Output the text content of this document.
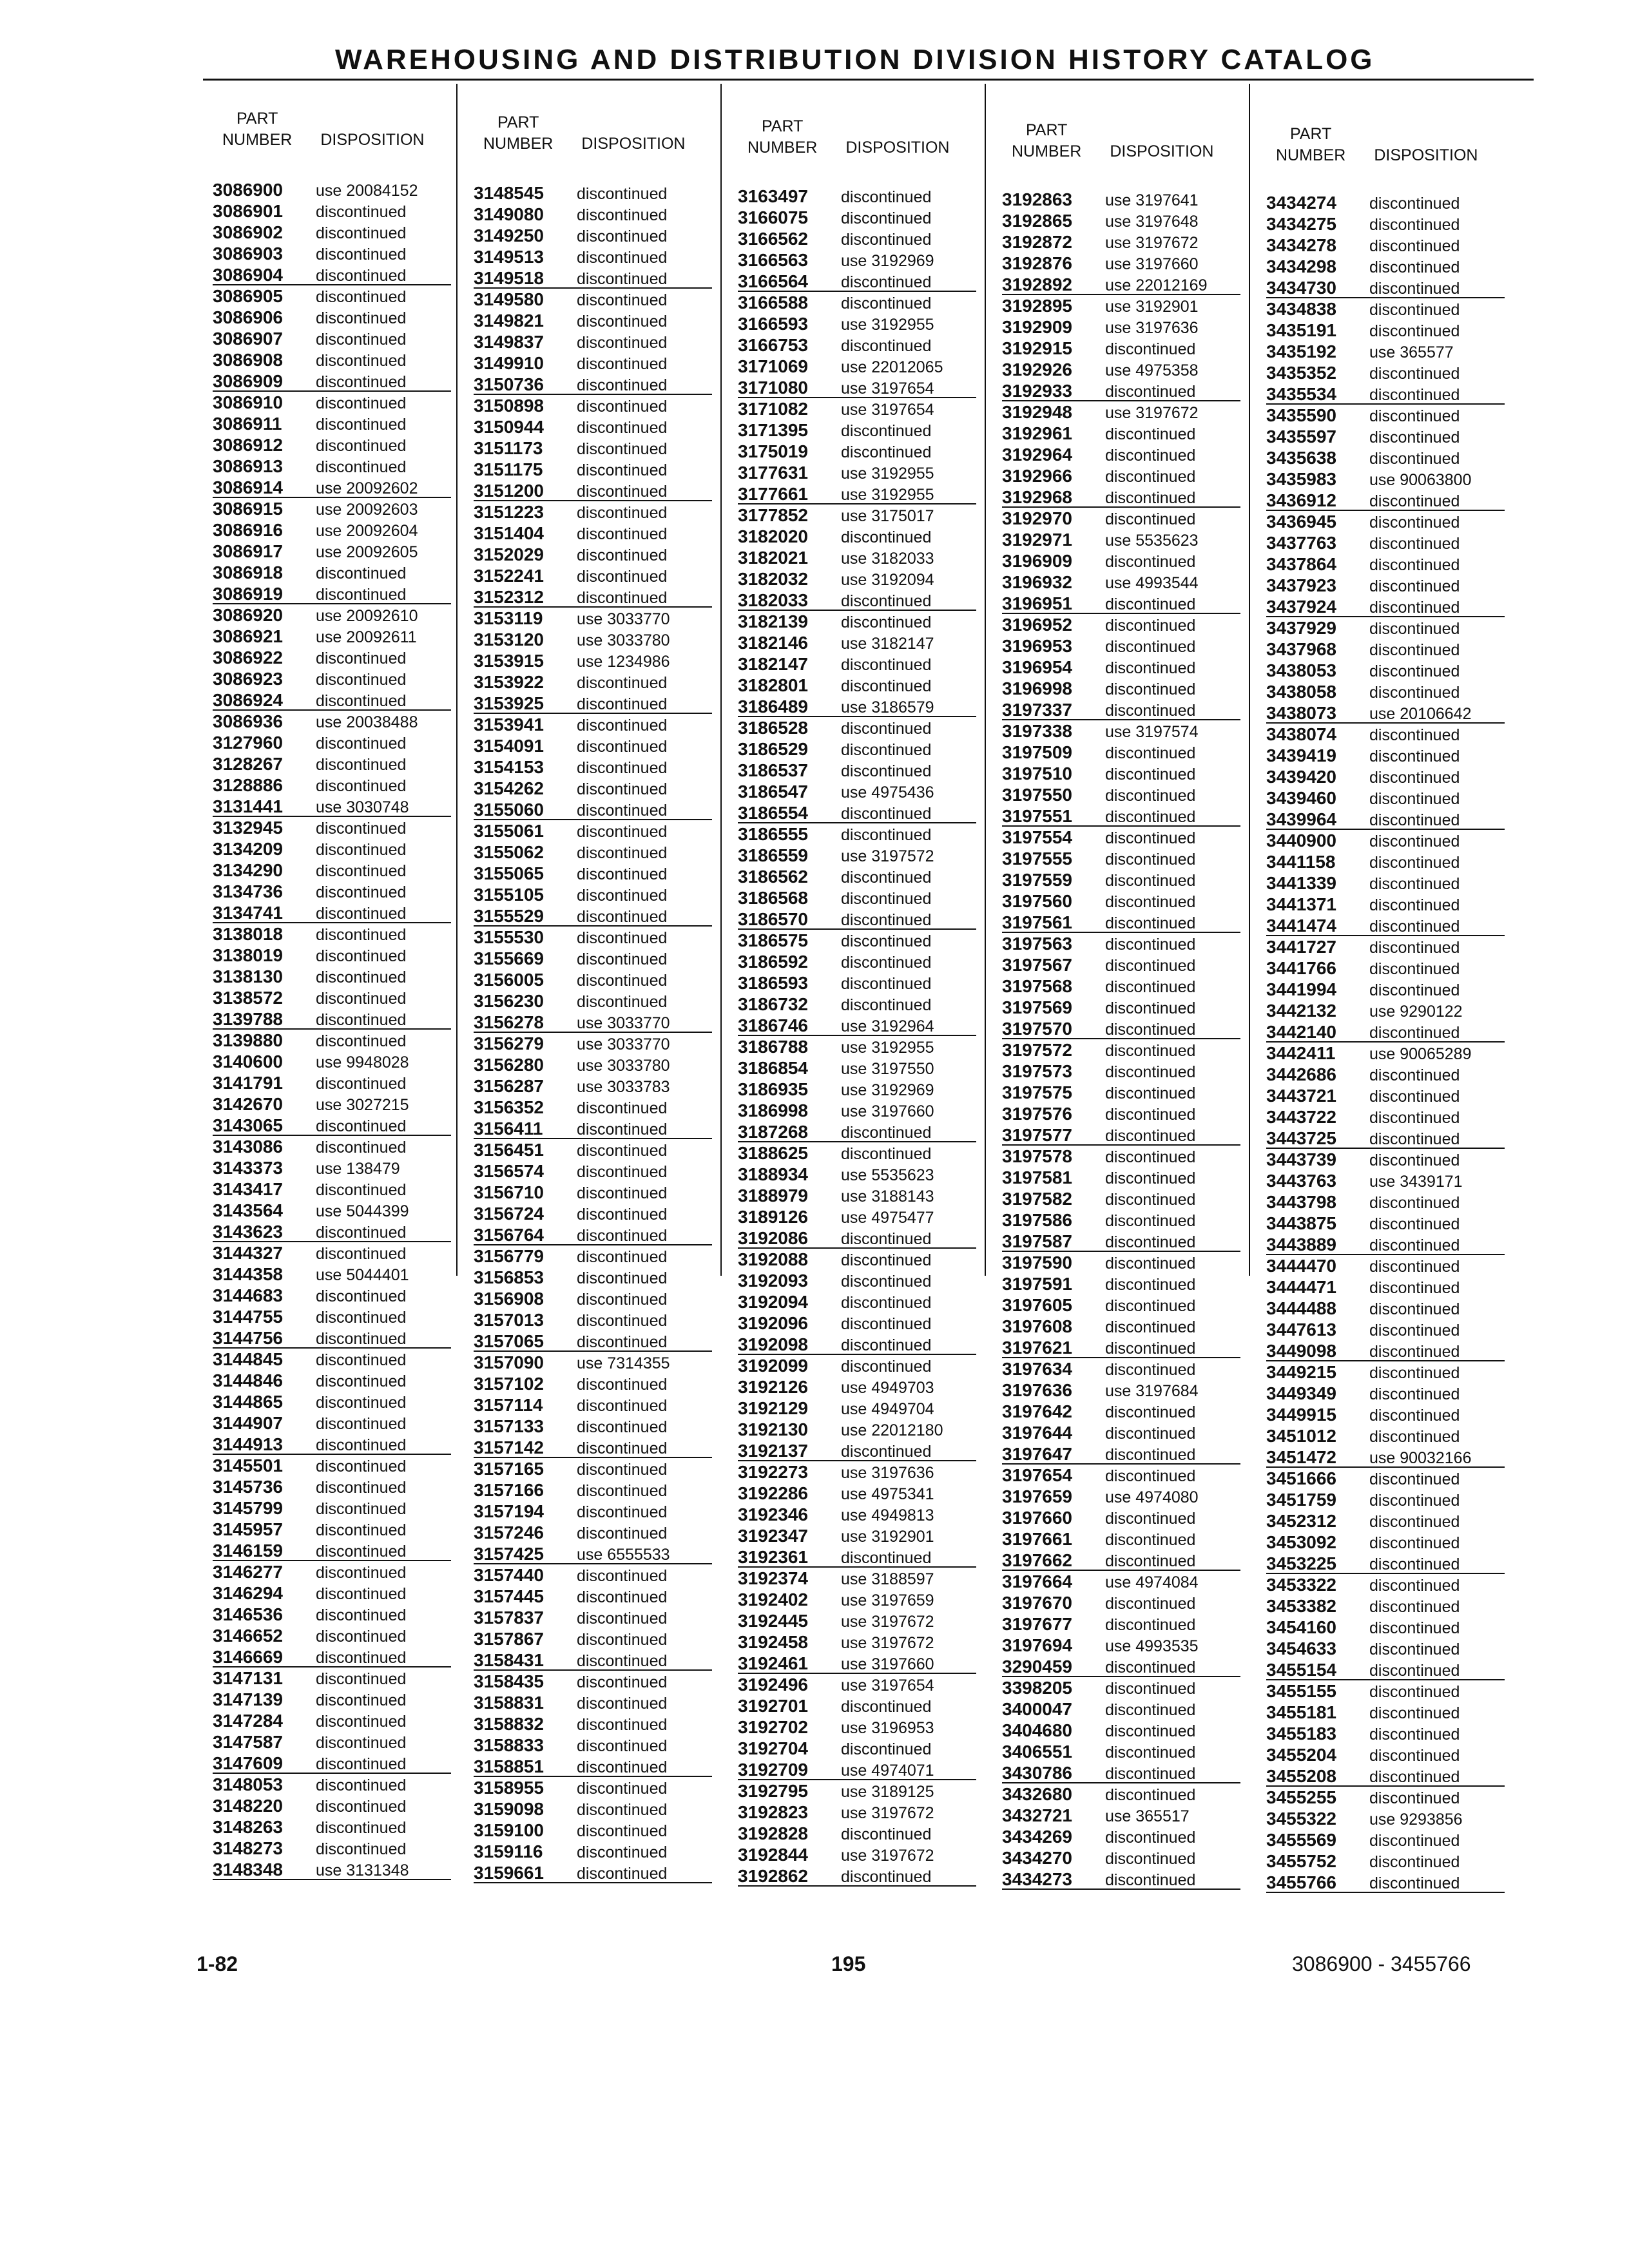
WAREHOUSING AND DISTRIBUTION DIVISION HISTORY CATALOG
PART
NUMBER DISPOSITION
3086900 use 20084152
3086901 discontinued
3086902 discontinued
3086903 discontinued
3086904 discontinued
3086905 discontinued
3086906 discontinued
3086907 discontinued
3086908 discontinued
3086909 discontinued
3086910 discontinued
3086911 discontinued
3086912 discontinued
3086913 discontinued
3086914 use 20092602
3086915 use 20092603
3086916 use 20092604
3086917 use 20092605
3086918 discontinued
3086919 discontinued
3086920 use 20092610
3086921 use 20092611
3086922 discontinued
3086923 discontinued
3086924 discontinued
3086936 use 20038488
3127960 discontinued
3128267 discontinued
3128886 discontinued
3131441 use 3030748
3132945 discontinued
3134209 discontinued
3134290 discontinued
3134736 discontinued
3134741 discontinued
3138018 discontinued
3138019 discontinued
3138130 discontinued
3138572 discontinued
3139788 discontinued
3139880 discontinued
3140600 use 9948028
3141791 discontinued
3142670 use 3027215
3143065 discontinued
3143086 discontinued
3143373 use 138479
3143417 discontinued
3143564 use 5044399
3143623 discontinued
3144327 discontinued
3144358 use 5044401
3144683 discontinued
3144755 discontinued
3144756 discontinued
3144845 discontinued
3144846 discontinued
3144865 discontinued
3144907 discontinued
3144913 discontinued
3145501 discontinued
3145736 discontinued
3145799 discontinued
3145957 discontinued
3146159 discontinued
3146277 discontinued
3146294 discontinued
3146536 discontinued
3146652 discontinued
3146669 discontinued
3147131 discontinued
3147139 discontinued
3147284 discontinued
3147587 discontinued
3147609 discontinued
3148053 discontinued
3148220 discontinued
3148263 discontinued
3148273 discontinued
3148348 use 3131348
PART
NUMBER DISPOSITION
3148545 discontinued
3149080 discontinued
3149250 discontinued
3149513 discontinued
3149518 discontinued
3149580 discontinued
3149821 discontinued
3149837 discontinued
3149910 discontinued
3150736 discontinued
3150898 discontinued
3150944 discontinued
3151173 discontinued
3151175 discontinued
3151200 discontinued
3151223 discontinued
3151404 discontinued
3152029 discontinued
3152241 discontinued
3152312 discontinued
3153119 use 3033770
3153120 use 3033780
3153915 use 1234986
3153922 discontinued
3153925 discontinued
3153941 discontinued
3154091 discontinued
3154153 discontinued
3154262 discontinued
3155060 discontinued
3155061 discontinued
3155062 discontinued
3155065 discontinued
3155105 discontinued
3155529 discontinued
3155530 discontinued
3155669 discontinued
3156005 discontinued
3156230 discontinued
3156278 use 3033770
3156279 use 3033770
3156280 use 3033780
3156287 use 3033783
3156352 discontinued
3156411 discontinued
3156451 discontinued
3156574 discontinued
3156710 discontinued
3156724 discontinued
3156764 discontinued
3156779 discontinued
3156853 discontinued
3156908 discontinued
3157013 discontinued
3157065 discontinued
3157090 use 7314355
3157102 discontinued
3157114 discontinued
3157133 discontinued
3157142 discontinued
3157165 discontinued
3157166 discontinued
3157194 discontinued
3157246 discontinued
3157425 use 6555533
3157440 discontinued
3157445 discontinued
3157837 discontinued
3157867 discontinued
3158431 discontinued
3158435 discontinued
3158831 discontinued
3158832 discontinued
3158833 discontinued
3158851 discontinued
3158955 discontinued
3159098 discontinued
3159100 discontinued
3159116 discontinued
3159661 discontinued
PART
NUMBER DISPOSITION
3163497 discontinued
3166075 discontinued
3166562 discontinued
3166563 use 3192969
3166564 discontinued
3166588 discontinued
3166593 use 3192955
3166753 discontinued
3171069 use 22012065
3171080 use 3197654
3171082 use 3197654
3171395 discontinued
3175019 discontinued
3177631 use 3192955
3177661 use 3192955
3177852 use 3175017
3182020 discontinued
3182021 use 3182033
3182032 use 3192094
3182033 discontinued
3182139 discontinued
3182146 use 3182147
3182147 discontinued
3182801 discontinued
3186489 use 3186579
3186528 discontinued
3186529 discontinued
3186537 discontinued
3186547 use 4975436
3186554 discontinued
3186555 discontinued
3186559 use 3197572
3186562 discontinued
3186568 discontinued
3186570 discontinued
3186575 discontinued
3186592 discontinued
3186593 discontinued
3186732 discontinued
3186746 use 3192964
3186788 use 3192955
3186854 use 3197550
3186935 use 3192969
3186998 use 3197660
3187268 discontinued
3188625 discontinued
3188934 use 5535623
3188979 use 3188143
3189126 use 4975477
3192086 discontinued
3192088 discontinued
3192093 discontinued
3192094 discontinued
3192096 discontinued
3192098 discontinued
3192099 discontinued
3192126 use 4949703
3192129 use 4949704
3192130 use 22012180
3192137 discontinued
3192273 use 3197636
3192286 use 4975341
3192346 use 4949813
3192347 use 3192901
3192361 discontinued
3192374 use 3188597
3192402 use 3197659
3192445 use 3197672
3192458 use 3197672
3192461 use 3197660
3192496 use 3197654
3192701 discontinued
3192702 use 3196953
3192704 discontinued
3192709 use 4974071
3192795 use 3189125
3192823 use 3197672
3192828 discontinued
3192844 use 3197672
3192862 discontinued
PART
NUMBER DISPOSITION
3192863 use 3197641
3192865 use 3197648
3192872 use 3197672
3192876 use 3197660
3192892 use 22012169
3192895 use 3192901
3192909 use 3197636
3192915 discontinued
3192926 use 4975358
3192933 discontinued
3192948 use 3197672
3192961 discontinued
3192964 discontinued
3192966 discontinued
3192968 discontinued
3192970 discontinued
3192971 use 5535623
3196909 discontinued
3196932 use 4993544
3196951 discontinued
3196952 discontinued
3196953 discontinued
3196954 discontinued
3196998 discontinued
3197337 discontinued
3197338 use 3197574
3197509 discontinued
3197510 discontinued
3197550 discontinued
3197551 discontinued
3197554 discontinued
3197555 discontinued
3197559 discontinued
3197560 discontinued
3197561 discontinued
3197563 discontinued
3197567 discontinued
3197568 discontinued
3197569 discontinued
3197570 discontinued
3197572 discontinued
3197573 discontinued
3197575 discontinued
3197576 discontinued
3197577 discontinued
3197578 discontinued
3197581 discontinued
3197582 discontinued
3197586 discontinued
3197587 discontinued
3197590 discontinued
3197591 discontinued
3197605 discontinued
3197608 discontinued
3197621 discontinued
3197634 discontinued
3197636 use 3197684
3197642 discontinued
3197644 discontinued
3197647 discontinued
3197654 discontinued
3197659 use 4974080
3197660 discontinued
3197661 discontinued
3197662 discontinued
3197664 use 4974084
3197670 discontinued
3197677 discontinued
3197694 use 4993535
3290459 discontinued
3398205 discontinued
3400047 discontinued
3404680 discontinued
3406551 discontinued
3430786 discontinued
3432680 discontinued
3432721 use 365517
3434269 discontinued
3434270 discontinued
3434273 discontinued
PART
NUMBER DISPOSITION
3434274 discontinued
3434275 discontinued
3434278 discontinued
3434298 discontinued
3434730 discontinued
3434838 discontinued
3435191 discontinued
3435192 use 365577
3435352 discontinued
3435534 discontinued
3435590 discontinued
3435597 discontinued
3435638 discontinued
3435983 use 90063800
3436912 discontinued
3436945 discontinued
3437763 discontinued
3437864 discontinued
3437923 discontinued
3437924 discontinued
3437929 discontinued
3437968 discontinued
3438053 discontinued
3438058 discontinued
3438073 use 20106642
3438074 discontinued
3439419 discontinued
3439420 discontinued
3439460 discontinued
3439964 discontinued
3440900 discontinued
3441158 discontinued
3441339 discontinued
3441371 discontinued
3441474 discontinued
3441727 discontinued
3441766 discontinued
3441994 discontinued
3442132 use 9290122
3442140 discontinued
3442411 use 90065289
3442686 discontinued
3443721 discontinued
3443722 discontinued
3443725 discontinued
3443739 discontinued
3443763 use 3439171
3443798 discontinued
3443875 discontinued
3443889 discontinued
3444470 discontinued
3444471 discontinued
3444488 discontinued
3447613 discontinued
3449098 discontinued
3449215 discontinued
3449349 discontinued
3449915 discontinued
3451012 discontinued
3451472 use 90032166
3451666 discontinued
3451759 discontinued
3452312 discontinued
3453092 discontinued
3453225 discontinued
3453322 discontinued
3453382 discontinued
3454160 discontinued
3454633 discontinued
3455154 discontinued
3455155 discontinued
3455181 discontinued
3455183 discontinued
3455204 discontinued
3455208 discontinued
3455255 discontinued
3455322 use 9293856
3455569 discontinued
3455752 discontinued
3455766 discontinued
1-82	195	3086900 - 3455766
